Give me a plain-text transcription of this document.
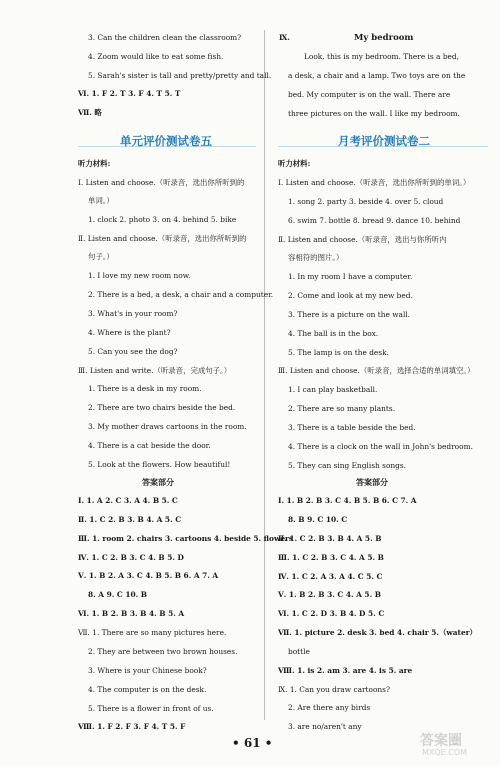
3. Can the children clean the classroom?
4. Zoom would like to eat some fish.
5. Sarah's sister is tall and pretty/pretty and tall.
Ⅵ. 1. F 2. T 3. F 4. T 5. T
Ⅶ. 略
单元评价测试卷五
听力材料:
Ⅰ. Listen and choose.（听录音，选出你所听到的
单词。）
1. clock 2. photo 3. on 4. behind 5. bike
Ⅱ. Listen and choose.（听录音，选出你所听到的
句子。）
1. I love my new room now.
2. There is a bed, a desk, a chair and a computer.
3. What's in your room?
4. Where is the plant?
5. Can you see the dog?
Ⅲ. Listen and write.（听录音，完成句子。）
1. There is a desk in my room.
2. There are two chairs beside the bed.
3. My mother draws cartoons in the room.
4. There is a cat beside the door.
5. Look at the flowers. How beautiful!
答案部分
Ⅰ. 1. A 2. C 3. A 4. B 5. C
Ⅱ. 1. C 2. B 3. B 4. A 5. C
Ⅲ. 1. room 2. chairs 3. cartoons 4. beside 5. flowers
Ⅳ. 1. C 2. B 3. C 4. B 5. D
Ⅴ. 1. B 2. A 3. C 4. B 5. B 6. A 7. A
8. A 9. C 10. B
Ⅵ. 1. B 2. B 3. B 4. B 5. A
Ⅶ. 1. There are so many pictures here.
2. They are between two brown houses.
3. Where is your Chinese book?
4. The computer is on the desk.
5. There is a flower in front of us.
Ⅷ. 1. F 2. F 3. F 4. T 5. F
Ⅸ.	My bedroom
Look, this is my bedroom. There is a bed,
a desk, a chair and a lamp. Two toys are on the
bed. My computer is on the wall. There are
three pictures on the wall. I like my bedroom.
月考评价测试卷二
听力材料:
Ⅰ. Listen and choose.（听录音，选出你所听到的单词。）
1. song 2. party 3. beside 4. over 5. cloud
6. swim 7. bottle 8. bread 9. dance 10. behind
Ⅱ. Listen and choose.（听录音，选出与你所听内
容相符的图片。）
1. In my room I have a computer.
2. Come and look at my new bed.
3. There is a picture on the wall.
4. The ball is in the box.
5. The lamp is on the desk.
Ⅲ. Listen and choose.（听录音，选择合适的单词填空。）
1. I can play basketball.
2. There are so many plants.
3. There is a table beside the bed.
4. There is a clock on the wall in John's bedroom.
5. They can sing English songs.
答案部分
Ⅰ. 1. B 2. B 3. C 4. B 5. B 6. C 7. A
8. B 9. C 10. C
Ⅱ. 1. C 2. B 3. B 4. A 5. B
Ⅲ. 1. C 2. B 3. C 4. A 5. B
Ⅳ. 1. C 2. A 3. A 4. C 5. C
Ⅴ. 1. B 2. B 3. C 4. A 5. B
Ⅵ. 1. C 2. D 3. B 4. D 5. C
Ⅶ. 1. picture 2. desk 3. bed 4. chair 5.（water）
bottle
Ⅷ. 1. is 2. am 3. are 4. is 5. are
Ⅸ. 1. Can you draw cartoons?
2. Are there any birds
3. are no/aren't any
• 61 •	答案圈
MXQE.COM
